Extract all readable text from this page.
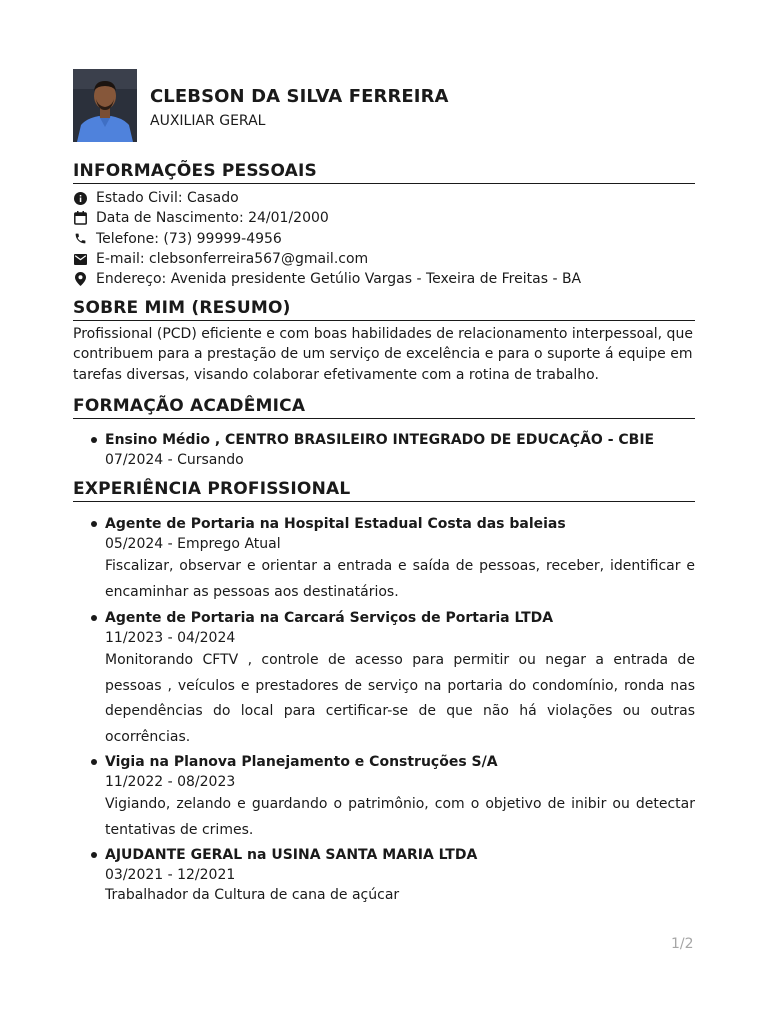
CLEBSON DA SILVA FERREIRA
AUXILIAR GERAL
INFORMAÇÕES PESSOAIS
Estado Civil: Casado
Data de Nascimento: 24/01/2000
Telefone: (73) 99999-4956
E-mail: clebsonferreira567@gmail.com
Endereço: Avenida presidente Getúlio Vargas - Texeira de Freitas - BA
SOBRE MIM (RESUMO)
Profissional (PCD) eficiente e com boas habilidades de relacionamento interpessoal, que contribuem para a prestação de um serviço de excelência e para o suporte á equipe em tarefas diversas, visando colaborar efetivamente com a rotina de trabalho.
FORMAÇÃO ACADÊMICA
Ensino Médio , CENTRO BRASILEIRO INTEGRADO DE EDUCAÇÃO - CBIE
07/2024 - Cursando
EXPERIÊNCIA PROFISSIONAL
Agente de Portaria na Hospital Estadual Costa das baleias
05/2024 - Emprego Atual
Fiscalizar, observar e orientar a entrada e saída de pessoas, receber, identificar e encaminhar as pessoas aos destinatários.
Agente de Portaria na Carcará Serviços de Portaria LTDA
11/2023 - 04/2024
Monitorando CFTV , controle de acesso para permitir ou negar a entrada de pessoas , veículos e prestadores de serviço na portaria do condomínio, ronda nas dependências do local para certificar-se de que não há violações ou outras ocorrências.
Vigia na Planova Planejamento e Construções S/A
11/2022 - 08/2023
Vigiando, zelando e guardando o patrimônio, com o objetivo de inibir ou detectar tentativas de crimes.
AJUDANTE GERAL na USINA SANTA MARIA LTDA
03/2021 - 12/2021
Trabalhador da Cultura de cana de açúcar
1/2
